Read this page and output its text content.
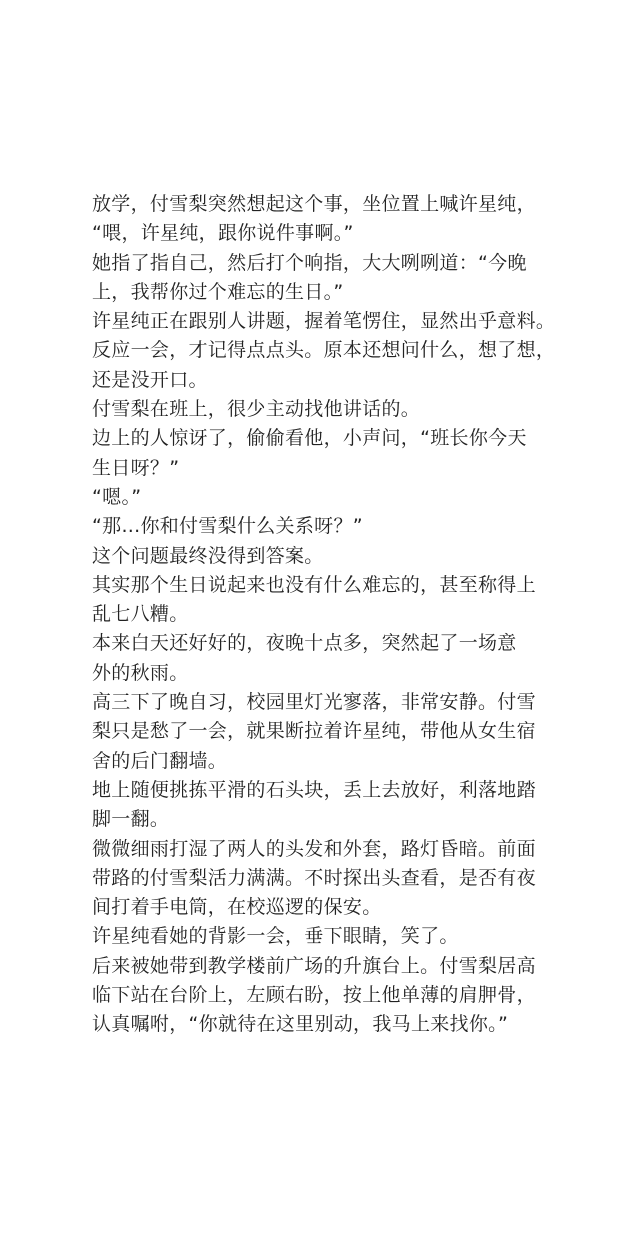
放学，付雪梨突然想起这个事，坐位置上喊许星纯，
“喂，许星纯，跟你说件事啊。”
她指了指自己，然后打个响指，大大咧咧道：“今晚
上，我帮你过个难忘的生日。”
许星纯正在跟别人讲题，握着笔愣住，显然出乎意料。
反应一会，才记得点点头。原本还想问什么，想了想，
还是没开口。
付雪梨在班上，很少主动找他讲话的。
边上的人惊讶了，偷偷看他，小声问，“班长你今天
生日呀？”
“嗯。”
“那...你和付雪梨什么关系呀？”
这个问题最终没得到答案。
其实那个生日说起来也没有什么难忘的，甚至称得上
乱七八糟。
本来白天还好好的，夜晚十点多，突然起了一场意
外的秋雨。
高三下了晚自习，校园里灯光寥落，非常安静。付雪
梨只是愁了一会，就果断拉着许星纯，带他从女生宿
舍的后门翻墙。
地上随便挑拣平滑的石头块，丢上去放好，利落地踏
脚一翻。
微微细雨打湿了两人的头发和外套，路灯昏暗。前面
带路的付雪梨活力满满。不时探出头查看，是否有夜
间打着手电筒，在校巡逻的保安。
许星纯看她的背影一会，垂下眼睛，笑了。
后来被她带到教学楼前广场的升旗台上。付雪梨居高
临下站在台阶上，左顾右盼，按上他单薄的肩胛骨，
认真嘱咐，“你就待在这里别动，我马上来找你。”
